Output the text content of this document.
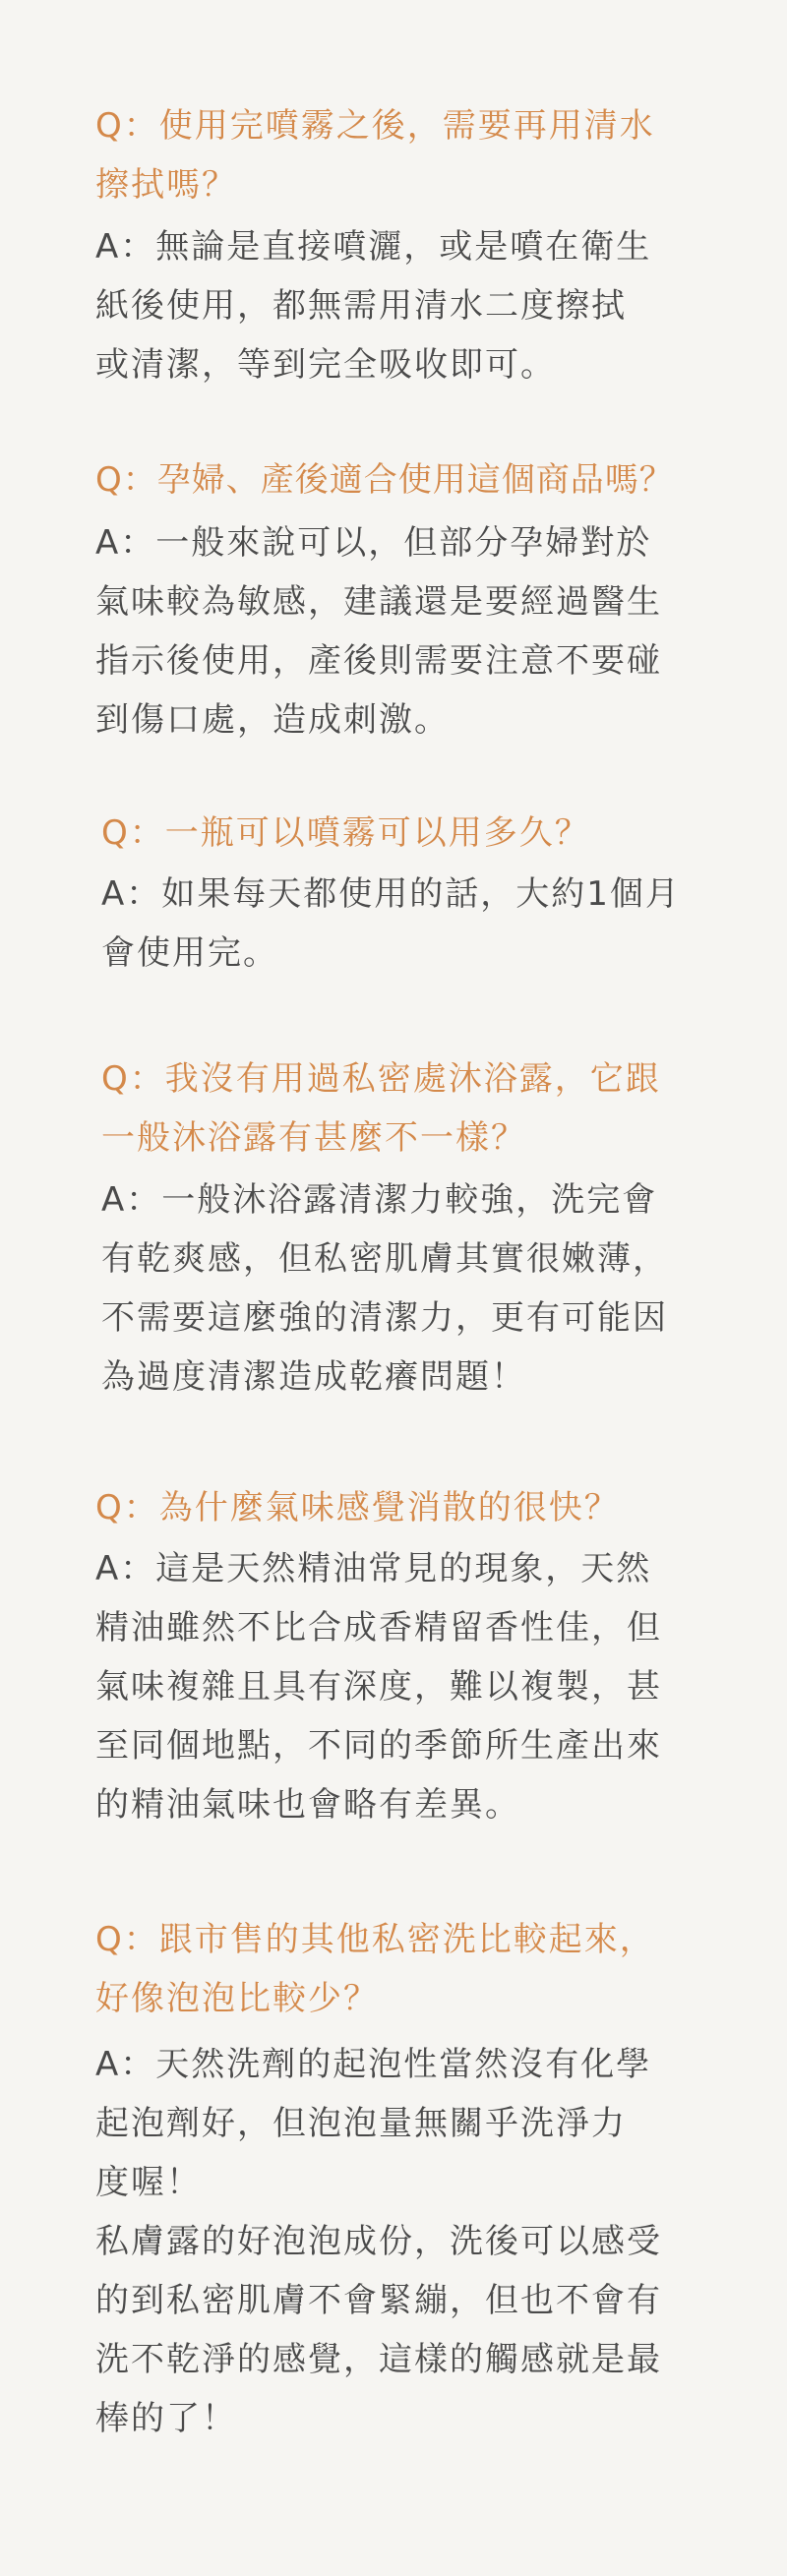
Q：使用完噴霧之後，需要再用清水
擦拭嗎？
A：無論是直接噴灑，或是噴在衛生
紙後使用，都無需用清水二度擦拭
或清潔，等到完全吸收即可。
Q：孕婦、產後適合使用這個商品嗎？
A：一般來說可以，但部分孕婦對於
氣味較為敏感，建議還是要經過醫生
指示後使用，產後則需要注意不要碰
到傷口處，造成刺激。
Q：一瓶可以噴霧可以用多久？
A：如果每天都使用的話，大約1個月
會使用完。
Q：我沒有用過私密處沐浴露，它跟
一般沐浴露有甚麼不一樣？
A：一般沐浴露清潔力較強，洗完會
有乾爽感，但私密肌膚其實很嫩薄，
不需要這麼強的清潔力，更有可能因
為過度清潔造成乾癢問題！
Q：為什麼氣味感覺消散的很快？
A：這是天然精油常見的現象，天然
精油雖然不比合成香精留香性佳，但
氣味複雜且具有深度，難以複製，甚
至同個地點，不同的季節所生產出來
的精油氣味也會略有差異。
Q：跟市售的其他私密洗比較起來，
好像泡泡比較少？
A：天然洗劑的起泡性當然沒有化學
起泡劑好，但泡泡量無關乎洗淨力
度喔！
私膚露的好泡泡成份，洗後可以感受
的到私密肌膚不會緊繃，但也不會有
洗不乾淨的感覺，這樣的觸感就是最
棒的了！
